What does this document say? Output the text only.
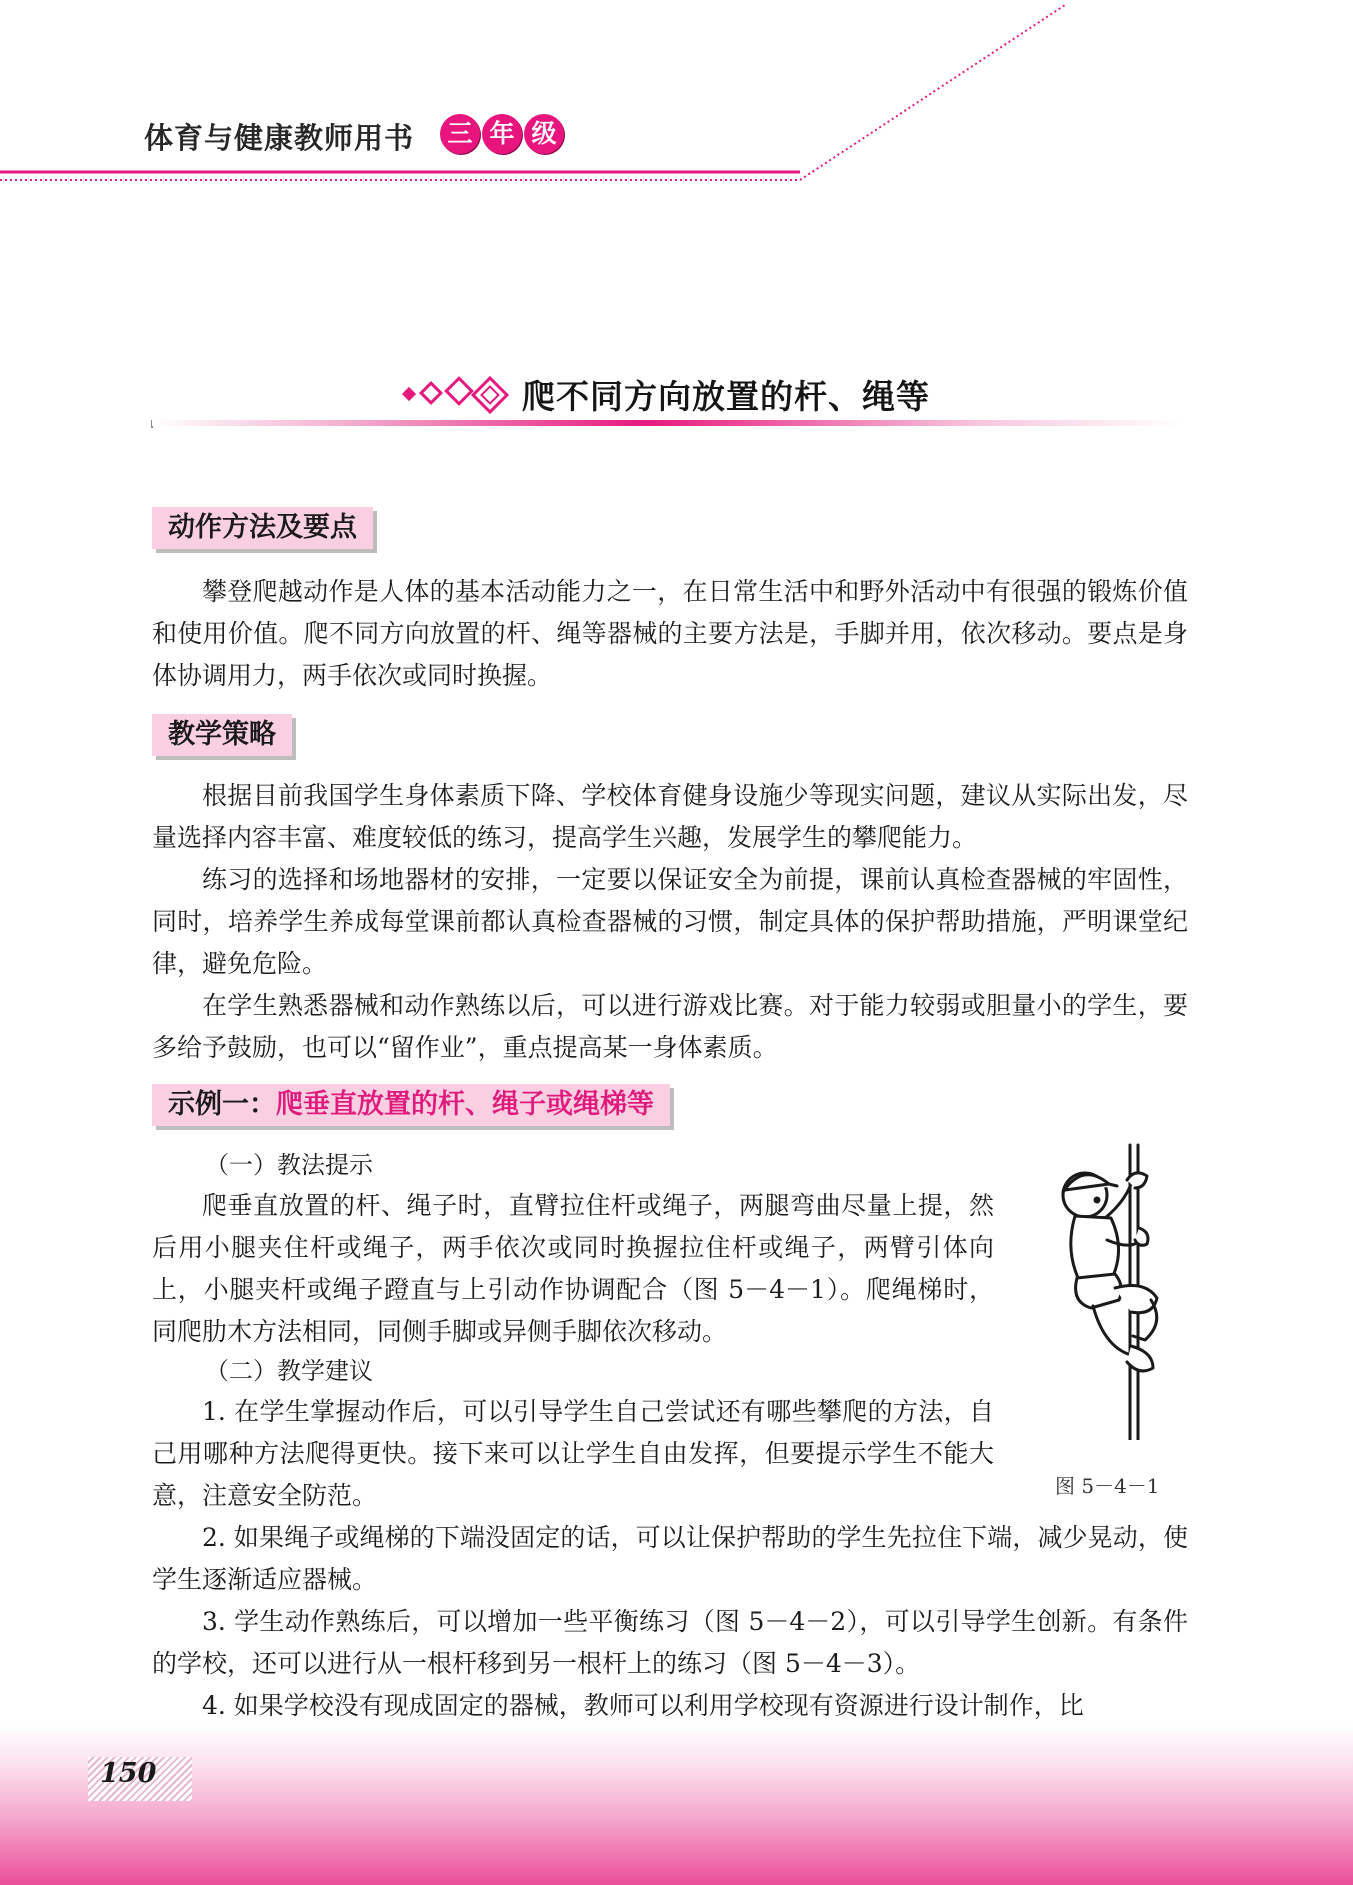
体育与健康教师用书 三 年 级
爬不同方向放置的杆、绳等
动作方法及要点

攀登爬越动作是人体的基本活动能力之一，在日常生活中和野外活动中有很强的锻炼价值和使用价值。爬不同方向放置的杆、绳等器械的主要方法是，手脚并用，依次移动。要点是身体协调用力，两手依次或同时换握。

教学策略

根据目前我国学生身体素质下降、学校体育健身设施少等现实问题，建议从实际出发，尽量选择内容丰富、难度较低的练习，提高学生兴趣，发展学生的攀爬能力。

练习的选择和场地器材的安排，一定要以保证安全为前提，课前认真检查器械的牢固性，同时，培养学生养成每堂课前都认真检查器械的习惯，制定具体的保护帮助措施，严明课堂纪律，避免危险。

在学生熟悉器械和动作熟练以后，可以进行游戏比赛。对于能力较弱或胆量小的学生，要多给予鼓励，也可以“留作业”，重点提高某一身体素质。

示例一：爬垂直放置的杆、绳子或绳梯等
（一）教法提示

爬垂直放置的杆、绳子时，直臂拉住杆或绳子，两腿弯曲尽量上提，然后用小腿夹住杆或绳子，两手依次或同时换握拉住杆或绳子，两臂引体向上，小腿夹杆或绳子蹬直与上引动作协调配合（图 5－4－1）。爬绳梯时，同爬肋木方法相同，同侧手脚或异侧手脚依次移动。

（二）教学建议

1. 在学生掌握动作后，可以引导学生自己尝试还有哪些攀爬的方法，自己用哪种方法爬得更快。接下来可以让学生自由发挥，但要提示学生不能大意，注意安全防范。

2. 如果绳子或绳梯的下端没固定的话，可以让保护帮助的学生先拉住下端，减少晃动，使学生逐渐适应器械。

3. 学生动作熟练后，可以增加一些平衡练习（图 5－4－2），可以引导学生创新。有条件的学校，还可以进行从一根杆移到另一根杆上的练习（图 5－4－3）。

4. 如果学校没有现成固定的器械，教师可以利用学校现有资源进行设计制作，比

图 5－4－1
150
